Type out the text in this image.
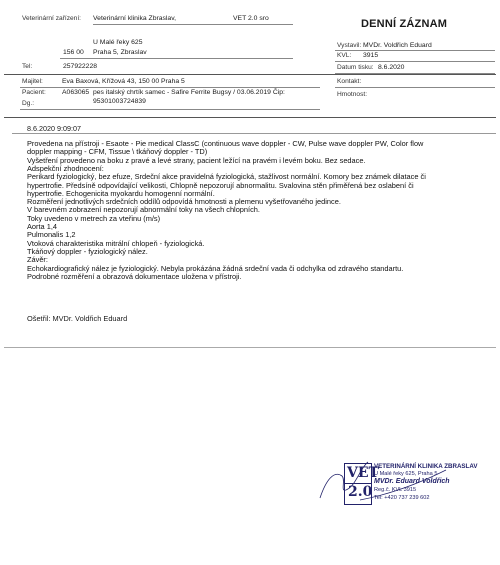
Veterinární zařízení: Veterinární klinika Zbraslav,	VET 2.0 sro	DENNÍ ZÁZNAM
U Malé řeky 625
156 00 Praha 5, Zbraslav
Tel:	257922228
Vystavil: MVDr. Voldřich Eduard
KVL: 3915
Datum tisku: 8.6.2020
Majitel:	Eva Baxová, Křížová 43, 150 00 Praha 5	Kontakt:
Pacient: A063065 pes italský chrtík samec - Safire Ferrite Bugsy / 03.06.2019 Čip:
95301003724839
Hmotnost:
Dg.:
8.6.2020 9:09:07
Provedena na přístroji - Esaote - Pie medical ClassC (continuous wave doppler - CW, Pulse wave doppler PW, Color flow
doppler mapping - CFM, Tissue \ tkáňový doppler - TD)
Vyšetření provedeno na boku z pravé a levé strany, pacient ležící na pravém i levém boku. Bez sedace.
Adspekční zhodnocení:
Perikard fyziologický, bez efuze, Srdeční akce pravidelná fyziologická, stažlivost normální. Komory bez známek dilatace či
hypertrofie. Předsíně odpovídající velikosti, Chlopně nepozorují abnormalitu. Svalovina stěn přiměřená bez oslabení či
hypertrofie. Echogenicita myokardu homogenní normální.
Rozměření jednotlivých srdečních oddílů odpovídá hmotnosti a plemenu vyšetřovaného jedince.
V barevném zobrazení nepozorují abnormální toky na všech chlopních.
Toky uvedeno v metrech za vteřinu (m/s)
Aorta 1,4
Pulmonalis 1,2
Vtoková charakteristika mitrální chlopeň - fyziologická.
Tkáňový doppler - fyziologický nález.
Závěr:
Echokardiografický nález je fyziologický. Nebyla prokázána žádná srdeční vada či odchylka od zdravého standartu.
Podrobné rozměření a obrazová dokumentace uložena v přístroji.
Ošetřil: MVDr. Voldřich Eduard
VET
2.0
VETERINÁRNÍ KLINIKA ZBRASLAV
U Malé řeky 625, Praha 5
MVDr. Eduard Voldřich
Reg.č. KVL 3915
Tel: +420 737 239 602
